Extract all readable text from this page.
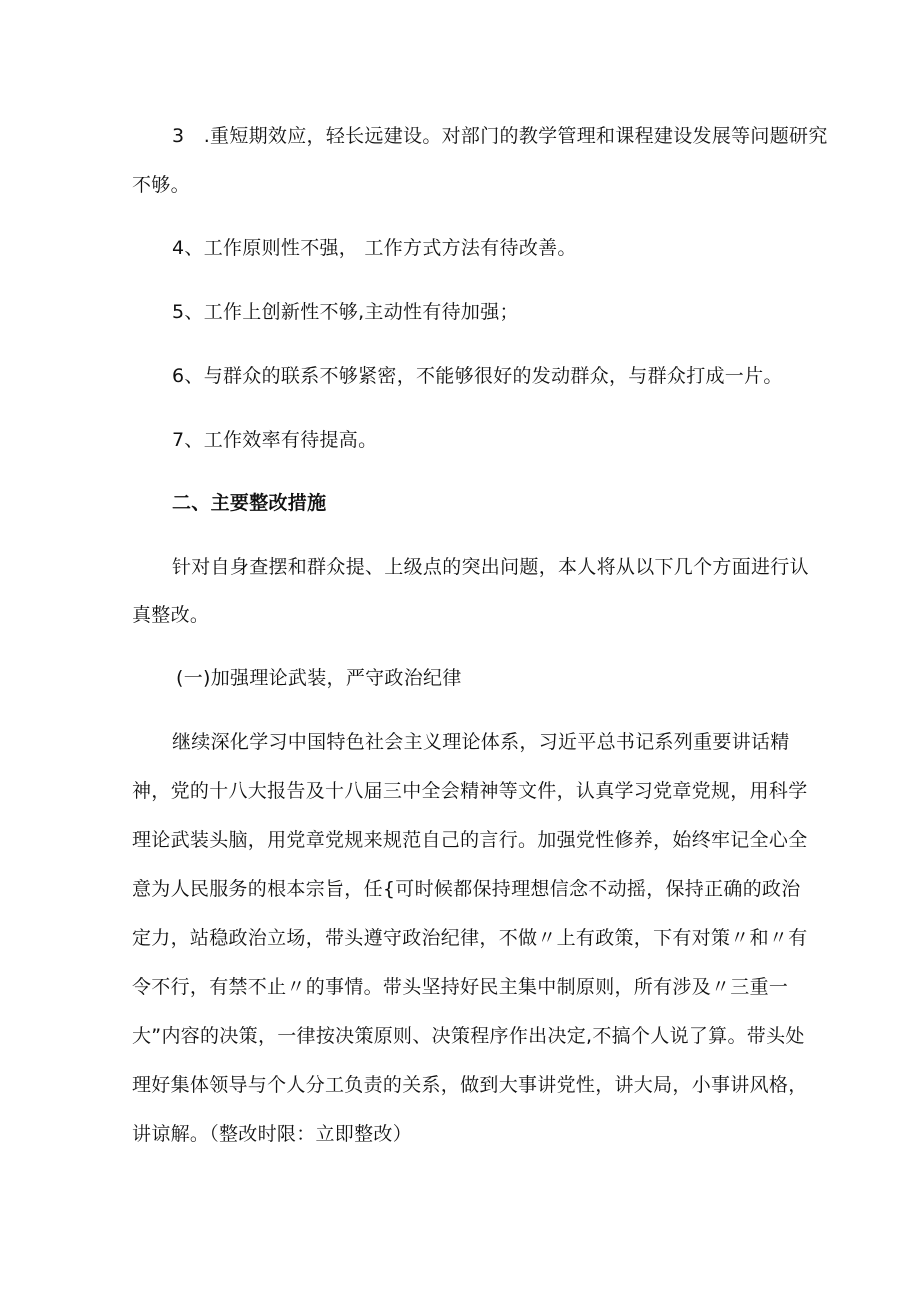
3　.重短期效应，轻长远建设。对部门的教学管理和课程建设发展等问题研究
不够。
4、工作原则性不强， 工作方式方法有待改善。
5、工作上创新性不够,主动性有待加强；
6、与群众的联系不够紧密，不能够很好的发动群众，与群众打成一片。
7、工作效率有待提高。
二、主要整改措施
针对自身查摆和群众提、上级点的突出问题，本人将从以下几个方面进行认
真整改。
(一)加强理论武装，严守政治纪律
继续深化学习中国特色社会主义理论体系，习近平总书记系列重要讲话精
神，党的十八大报告及十八届三中全会精神等文件，认真学习党章党规，用科学
理论武装头脑，用党章党规来规范自己的言行。加强党性修养，始终牢记全心全
意为人民服务的根本宗旨，任{可时候都保持理想信念不动摇，保持正确的政治
定力，站稳政治立场，带头遵守政治纪律，不做〃上有政策，下有对策〃和〃有
令不行，有禁不止〃的事情。带头坚持好民主集中制原则，所有涉及〃三重一
大”内容的决策，一律按决策原则、决策程序作出决定,不搞个人说了算。带头处
理好集体领导与个人分工负责的关系，做到大事讲党性，讲大局，小事讲风格，
讲谅解。（整改时限：立即整改）
